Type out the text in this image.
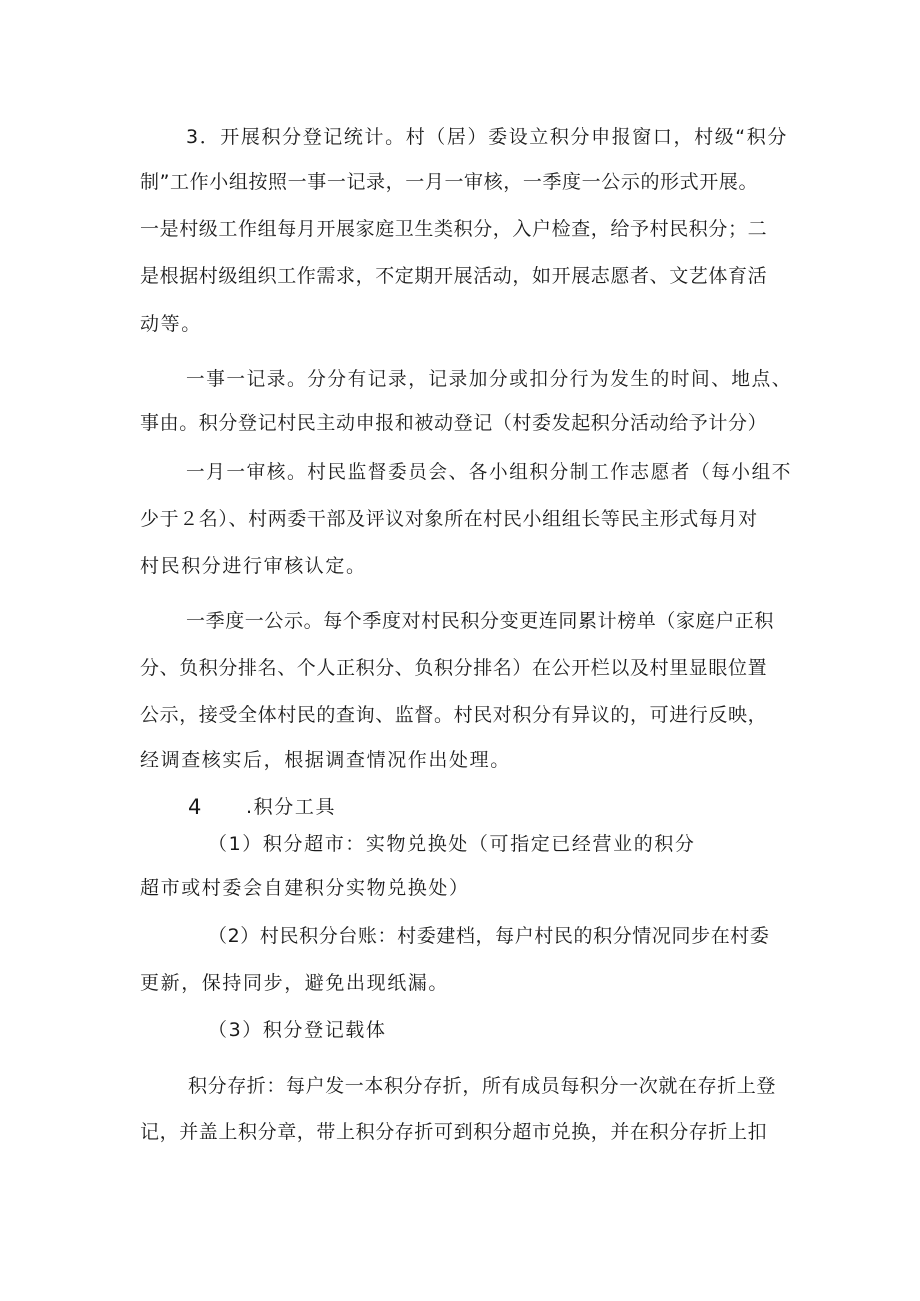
3．开展积分登记统计。村（居）委设立积分申报窗口，村级“积分
制”工作小组按照一事一记录，一月一审核，一季度一公示的形式开展。
一是村级工作组每月开展家庭卫生类积分，入户检查，给予村民积分；二
是根据村级组织工作需求，不定期开展活动，如开展志愿者、文艺体育活
动等。
一事一记录。分分有记录，记录加分或扣分行为发生的时间、地点、
事由。积分登记村民主动申报和被动登记（村委发起积分活动给予计分）
一月一审核。村民监督委员会、各小组积分制工作志愿者（每小组不
少于２名）、村两委干部及评议对象所在村民小组组长等民主形式每月对
村民积分进行审核认定。
一季度一公示。每个季度对村民积分变更连同累计榜单（家庭户正积
分、负积分排名、个人正积分、负积分排名）在公开栏以及村里显眼位置
公示，接受全体村民的查询、监督。村民对积分有异议的，可进行反映，
经调查核实后，根据调查情况作出处理。
4 .积分工具
（1）积分超市：实物兑换处（可指定已经营业的积分
超市或村委会自建积分实物兑换处）
（2）村民积分台账：村委建档，每户村民的积分情况同步在村委
更新，保持同步，避免出现纸漏。
（3）积分登记载体
积分存折：每户发一本积分存折，所有成员每积分一次就在存折上登
记，并盖上积分章，带上积分存折可到积分超市兑换，并在积分存折上扣
